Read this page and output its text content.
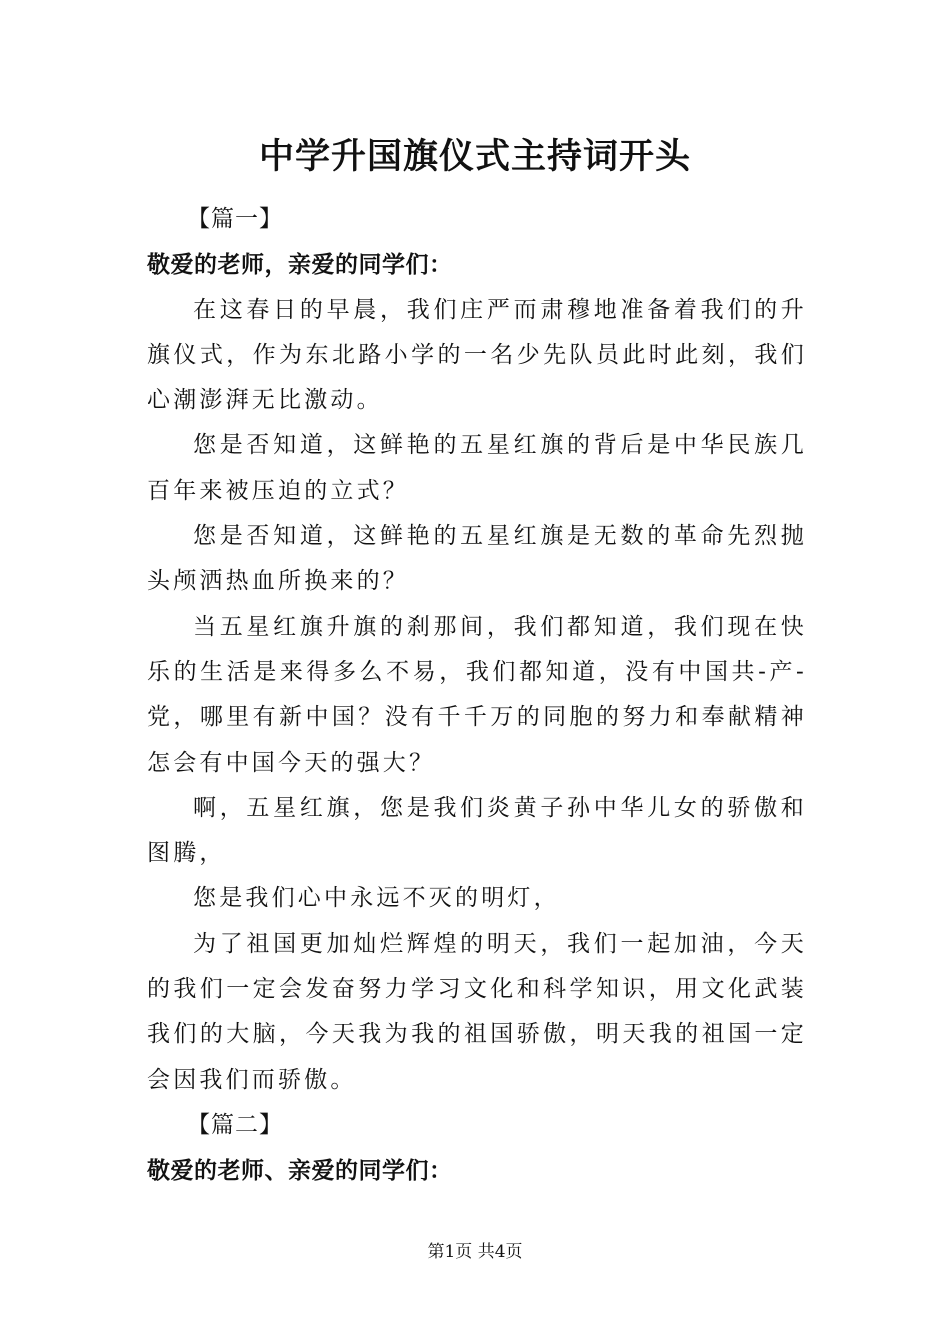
中学升国旗仪式主持词开头

【篇一】

敬爱的老师，亲爱的同学们：

在这春日的早晨，我们庄严而肃穆地准备着我们的升旗仪式，作为东北路小学的一名少先队员此时此刻，我们心潮澎湃无比激动。

您是否知道，这鲜艳的五星红旗的背后是中华民族几百年来被压迫的立式？

您是否知道，这鲜艳的五星红旗是无数的革命先烈抛头颅洒热血所换来的？

当五星红旗升旗的刹那间，我们都知道，我们现在快乐的生活是来得多么不易，我们都知道，没有中国共-产-党，哪里有新中国？没有千千万的同胞的努力和奉献精神怎会有中国今天的强大？

啊，五星红旗，您是我们炎黄子孙中华儿女的骄傲和图腾，

您是我们心中永远不灭的明灯，

为了祖国更加灿烂辉煌的明天，我们一起加油，今天的我们一定会发奋努力学习文化和科学知识，用文化武装我们的大脑，今天我为我的祖国骄傲，明天我的祖国一定会因我们而骄傲。

【篇二】

敬爱的老师、亲爱的同学们：

第1页 共4页
